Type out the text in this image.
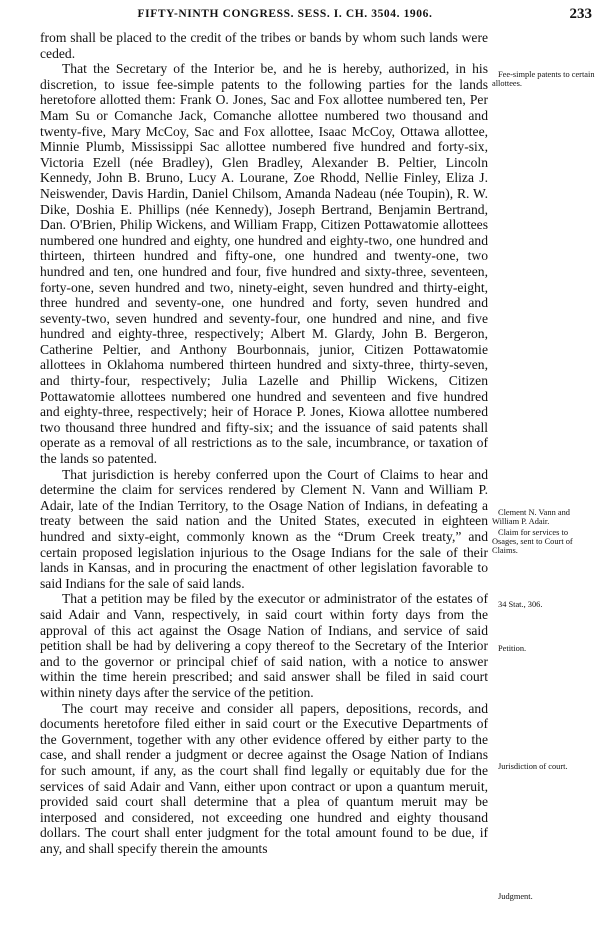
FIFTY-NINTH CONGRESS. SESS. I. CH. 3504. 1906.	233

from shall be placed to the credit of the tribes or bands by whom such lands were ceded.

That the Secretary of the Interior be, and he is hereby, authorized, in his discretion, to issue fee-simple patents to the following parties for the lands heretofore allotted them: Frank O. Jones, Sac and Fox allottee numbered ten, Per Mam Su or Comanche Jack, Comanche allottee numbered two thousand and twenty-five, Mary McCoy, Sac and Fox allottee, Isaac McCoy, Ottawa allottee, Minnie Plumb, Mississippi Sac allottee numbered five hundred and forty-six, Victoria Ezell (née Bradley), Glen Bradley, Alexander B. Peltier, Lincoln Kennedy, John B. Bruno, Lucy A. Lourane, Zoe Rhodd, Nellie Finley, Eliza J. Neiswender, Davis Hardin, Daniel Chilsom, Amanda Nadeau (née Toupin), R. W. Dike, Doshia E. Phillips (née Kennedy), Joseph Bertrand, Benjamin Bertrand, Dan. O'Brien, Philip Wickens, and William Frapp, Citizen Pottawatomie allottees numbered one hundred and eighty, one hundred and eighty-two, one hundred and thirteen, thirteen hundred and fifty-one, one hundred and twenty-one, two hundred and ten, one hundred and four, five hundred and sixty-three, seventeen, forty-one, seven hundred and two, ninety-eight, seven hundred and thirty-eight, three hundred and seventy-one, one hundred and forty, seven hundred and seventy-two, seven hundred and seventy-four, one hundred and nine, and five hundred and eighty-three, respectively; Albert M. Glardy, John B. Bergeron, Catherine Peltier, and Anthony Bourbonnais, junior, Citizen Pottawatomie allottees in Oklahoma numbered thirteen hundred and sixty-three, thirty-seven, and thirty-four, respectively; Julia Lazelle and Phillip Wickens, Citizen Pottawatomie allottees numbered one hundred and seventeen and five hundred and eighty-three, respectively; heir of Horace P. Jones, Kiowa allottee numbered two thousand three hundred and fifty-six; and the issuance of said patents shall operate as a removal of all restrictions as to the sale, incumbrance, or taxation of the lands so patented.

That jurisdiction is hereby conferred upon the Court of Claims to hear and determine the claim for services rendered by Clement N. Vann and William P. Adair, late of the Indian Territory, to the Osage Nation of Indians, in defeating a treaty between the said nation and the United States, executed in eighteen hundred and sixty-eight, commonly known as the “Drum Creek treaty,” and certain proposed legislation injurious to the Osage Indians for the sale of their lands in Kansas, and in procuring the enactment of other legislation favorable to said Indians for the sale of said lands.

That a petition may be filed by the executor or administrator of the estates of said Adair and Vann, respectively, in said court within forty days from the approval of this act against the Osage Nation of Indians, and service of said petition shall be had by delivering a copy thereof to the Secretary of the Interior and to the governor or principal chief of said nation, with a notice to answer within the time herein prescribed; and said answer shall be filed in said court within ninety days after the service of the petition.

The court may receive and consider all papers, depositions, records, and documents heretofore filed either in said court or the Executive Departments of the Government, together with any other evidence offered by either party to the case, and shall render a judgment or decree against the Osage Nation of Indians for such amount, if any, as the court shall find legally or equitably due for the services of said Adair and Vann, either upon contract or upon a quantum meruit, provided said court shall determine that a plea of quantum meruit may be interposed and considered, not exceeding one hundred and eighty thousand dollars. The court shall enter judgment for the total amount found to be due, if any, and shall specify therein the amounts

Fee-simple patents to certain allottees.
Clement N. Vann and William P. Adair.
Claim for services to Osages, sent to Court of Claims.
34 Stat., 306.
Petition.
Jurisdiction of court.
Judgment.
